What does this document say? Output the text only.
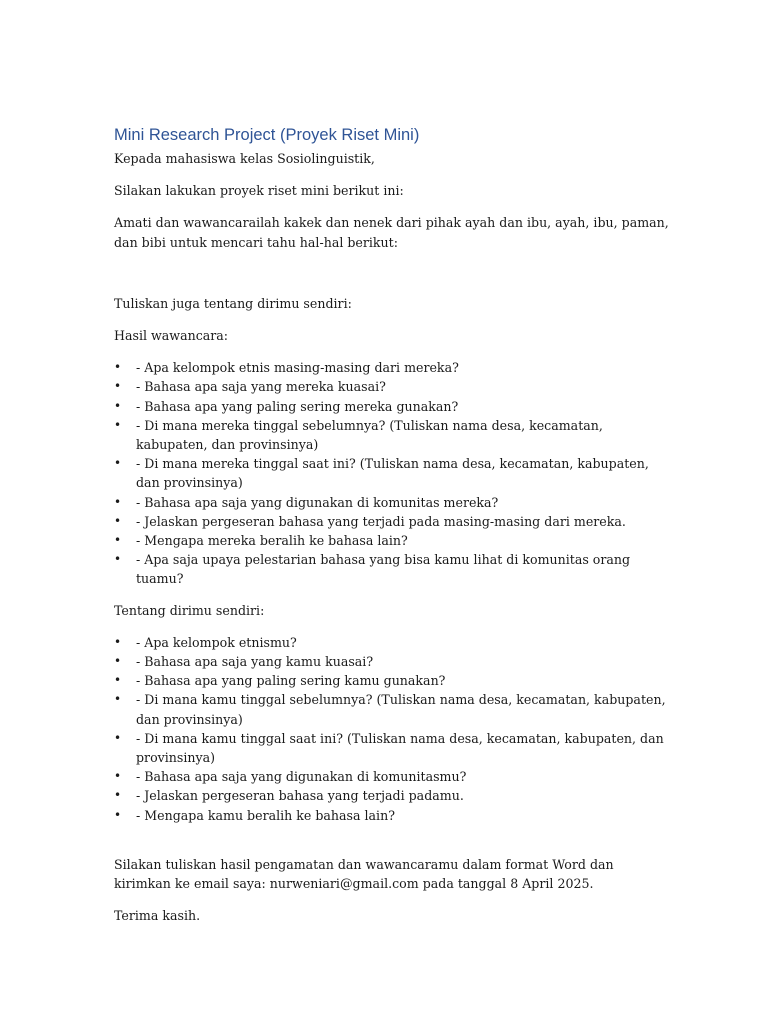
Mini Research Project (Proyek Riset Mini)

Kepada mahasiswa kelas Sosiolinguistik,

Silakan lakukan proyek riset mini berikut ini:

Amati dan wawancarailah kakek dan nenek dari pihak ayah dan ibu, ayah, ibu, paman, dan bibi untuk mencari tahu hal-hal berikut:

Tuliskan juga tentang dirimu sendiri:

Hasil wawancara:

• - Apa kelompok etnis masing-masing dari mereka?
• - Bahasa apa saja yang mereka kuasai?
• - Bahasa apa yang paling sering mereka gunakan?
• - Di mana mereka tinggal sebelumnya? (Tuliskan nama desa, kecamatan, kabupaten, dan provinsinya)
• - Di mana mereka tinggal saat ini? (Tuliskan nama desa, kecamatan, kabupaten, dan provinsinya)
• - Bahasa apa saja yang digunakan di komunitas mereka?
• - Jelaskan pergeseran bahasa yang terjadi pada masing-masing dari mereka.
• - Mengapa mereka beralih ke bahasa lain?
• - Apa saja upaya pelestarian bahasa yang bisa kamu lihat di komunitas orang tuamu?

Tentang dirimu sendiri:

• - Apa kelompok etnismu?
• - Bahasa apa saja yang kamu kuasai?
• - Bahasa apa yang paling sering kamu gunakan?
• - Di mana kamu tinggal sebelumnya? (Tuliskan nama desa, kecamatan, kabupaten, dan provinsinya)
• - Di mana kamu tinggal saat ini? (Tuliskan nama desa, kecamatan, kabupaten, dan provinsinya)
• - Bahasa apa saja yang digunakan di komunitasmu?
• - Jelaskan pergeseran bahasa yang terjadi padamu.
• - Mengapa kamu beralih ke bahasa lain?

Silakan tuliskan hasil pengamatan dan wawancaramu dalam format Word dan kirimkan ke email saya: nurweniari@gmail.com pada tanggal 8 April 2025.

Terima kasih.
